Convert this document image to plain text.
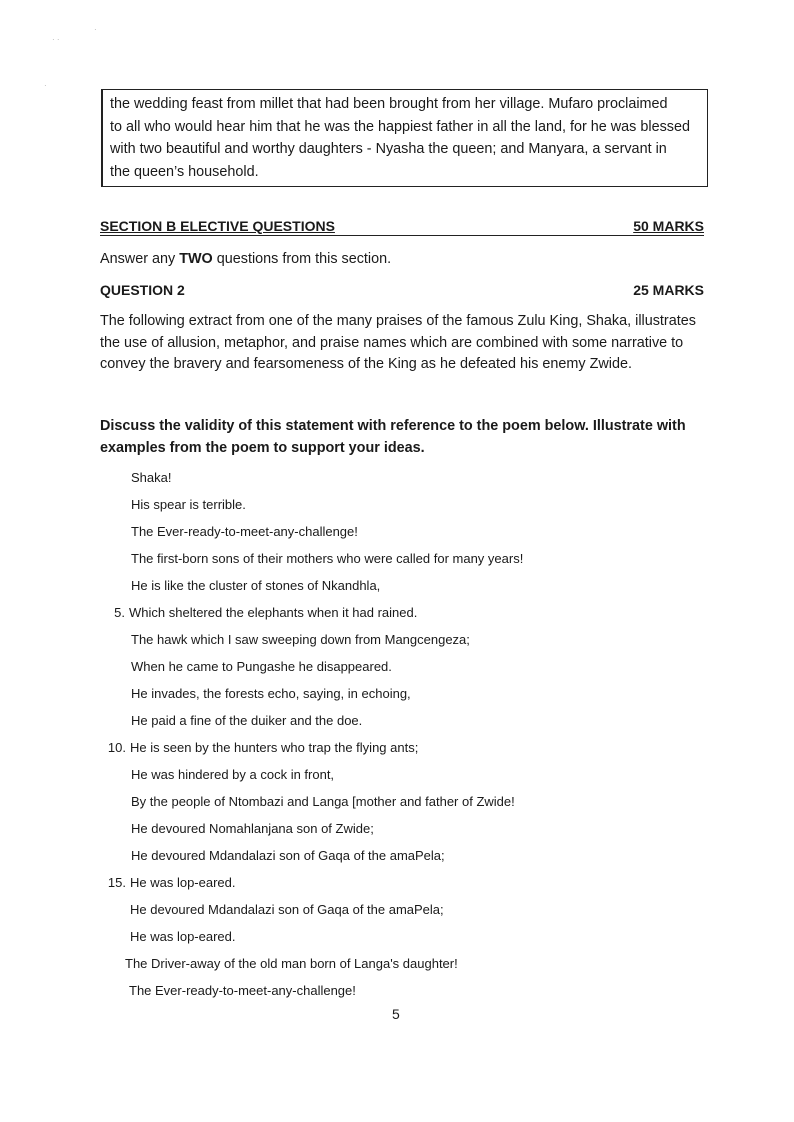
· ·
·
·

the wedding feast from millet that had been brought from her village. Mufaro proclaimed

to all who would hear him that he was the happiest father in all the land, for he was blessed

with two beautiful and worthy daughters - Nyasha the queen; and Manyara, a servant in

the queen’s household.

SECTION B ELECTIVE QUESTIONS	50 MARKS
Answer any TWO questions from this section.
QUESTION 2	25 MARKS

The following extract from one of the many praises of the famous Zulu King, Shaka, illustrates the use of allusion, metaphor, and praise names which are combined with some narrative to convey the bravery and fearsomeness of the King as he defeated his enemy Zwide.

Discuss the validity of this statement with reference to the poem below. Illustrate with examples from the poem to support your ideas.

Shaka!
His spear is terrible.
The Ever-ready-to-meet-any-challenge!
The first-born sons of their mothers who were called for many years!
He is like the cluster of stones of Nkandhla,
5. Which sheltered the elephants when it had rained.
The hawk which I saw sweeping down from Mangcengeza;
When he came to Pungashe he disappeared.
He invades, the forests echo, saying, in echoing,
He paid a fine of the duiker and the doe.
10. He is seen by the hunters who trap the flying ants;
He was hindered by a cock in front,
By the people of Ntombazi and Langa [mother and father of Zwide!
He devoured Nomahlanjana son of Zwide;
He devoured Mdandalazi son of Gaqa of the amaPela;
15. He was lop-eared.
He devoured Mdandalazi son of Gaqa of the amaPela;
He was lop-eared.
The Driver-away of the old man born of Langa's daughter!
The Ever-ready-to-meet-any-challenge!
5
